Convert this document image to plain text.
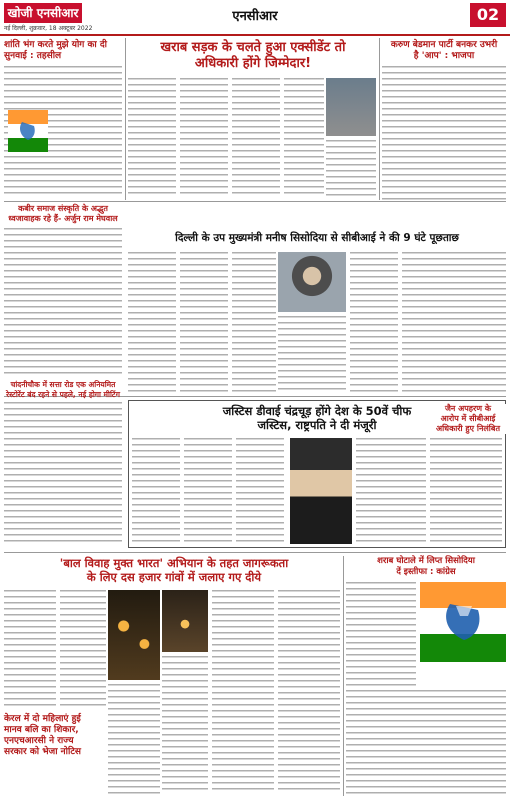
खोजी एनसीआर
नई दिल्ली, शुक्रवार, 18 अक्टूबर 2022
एनसीआर	02
शांति भंग करते मुझे योग का दी
सुनवाई : तहसील
खराब सड़क के चलते हुआ एक्सीडेंट तो
अधिकारी होंगे जिम्मेदार!
करुण बेडमान पार्टी बनकर उभरी
है 'आप' : भाजपा
कबीर समाज संस्कृति के अद्भुत
ध्वजावाहक रहे हैं- अर्जुन राम मेघवाल
दिल्ली के उप मुख्यमंत्री मनीष सिसोदिया से सीबीआई ने की 9 घंटे पूछताछ
चांदनीचौक में सत्ता रोड एक अनियमित
रेस्टोरेंट बंद रहने से पहले, नई होगा मीटिंग
जस्टिस डीवाई चंद्रचूड़ होंगे देश के 50वें चीफ
जस्टिस, राष्ट्रपति ने दी मंजूरी
'बाल विवाह मुक्त भारत' अभियान के तहत जागरूकता
के लिए दस हजार गांवों में जलाए गए दीये
केरल में दो महिलाएं हुई
मानव बलि का शिकार,
एनएचआरसी ने राज्य
सरकार को भेजा नोटिस
शराब घोटाले में लिप्त सिसोदिया
दें इस्तीफा : कांग्रेस
जैन अपहरण के
आरोप में सीबीआई
अधिकारी हुए निलंबित
